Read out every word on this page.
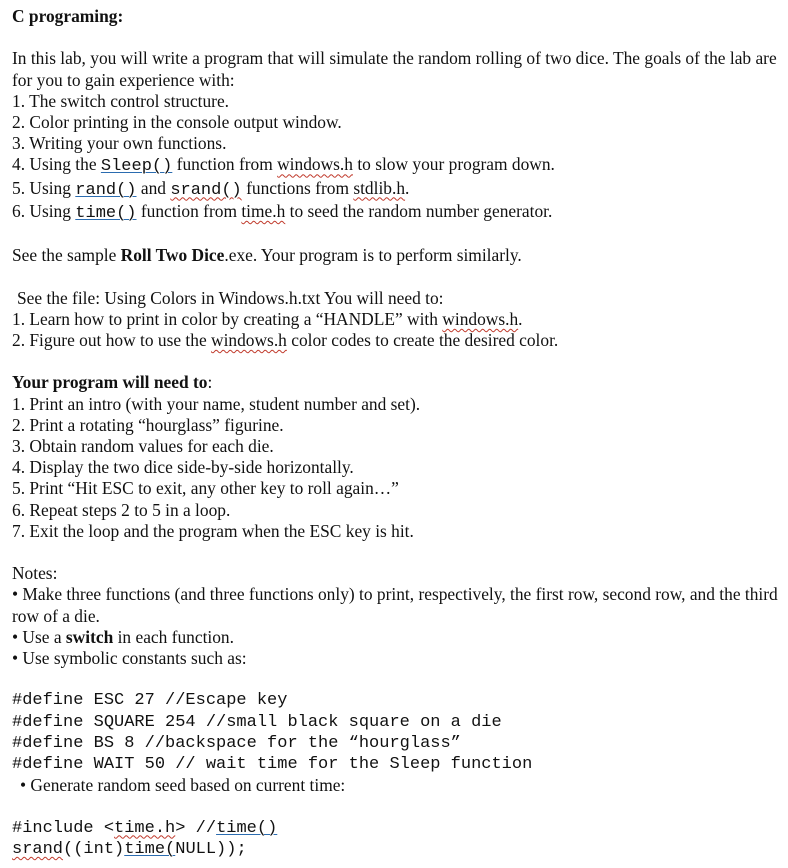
C programing:
In this lab, you will write a program that will simulate the random rolling of two dice. The goals of the lab are for you to gain experience with:
1. The switch control structure.
2. Color printing in the console output window.
3. Writing your own functions.
4. Using the Sleep() function from windows.h to slow your program down.
5. Using rand() and srand() functions from stdlib.h.
6. Using time() function from time.h to seed the random number generator.
See the sample Roll Two Dice.exe. Your program is to perform similarly.
See the file: Using Colors in Windows.h.txt You will need to:
1. Learn how to print in color by creating a “HANDLE” with windows.h.
2. Figure out how to use the windows.h color codes to create the desired color.
Your program will need to:
1. Print an intro (with your name, student number and set).
2. Print a rotating “hourglass” figurine.
3. Obtain random values for each die.
4. Display the two dice side-by-side horizontally.
5. Print “Hit ESC to exit, any other key to roll again…”
6. Repeat steps 2 to 5 in a loop.
7. Exit the loop and the program when the ESC key is hit.
Notes:
• Make three functions (and three functions only) to print, respectively, the first row, second row, and the third row of a die.
• Use a switch in each function.
• Use symbolic constants such as:
#define ESC 27 //Escape key
#define SQUARE 254 //small black square on a die
#define BS 8 //backspace for the “hourglass”
#define WAIT 50 // wait time for the Sleep function
• Generate random seed based on current time:
#include <time.h> //time()
srand((int)time(NULL));
